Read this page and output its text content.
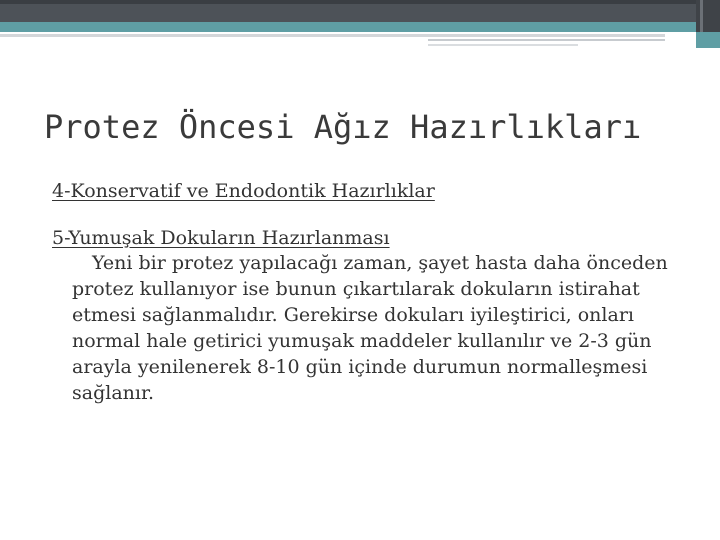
Protez Öncesi Ağız Hazırlıkları

4-Konservatif ve Endodontik Hazırlıklar

5-Yumuşak Dokuların Hazırlanması

Yeni bir protez yapılacağı zaman, şayet hasta daha önceden protez kullanıyor ise bunun çıkartılarak dokuların istirahat etmesi sağlanmalıdır. Gerekirse dokuları iyileştirici, onları normal hale getirici yumuşak maddeler kullanılır ve 2-3 gün arayla yenilenerek 8-10 gün içinde durumun normalleşmesi sağlanır.
